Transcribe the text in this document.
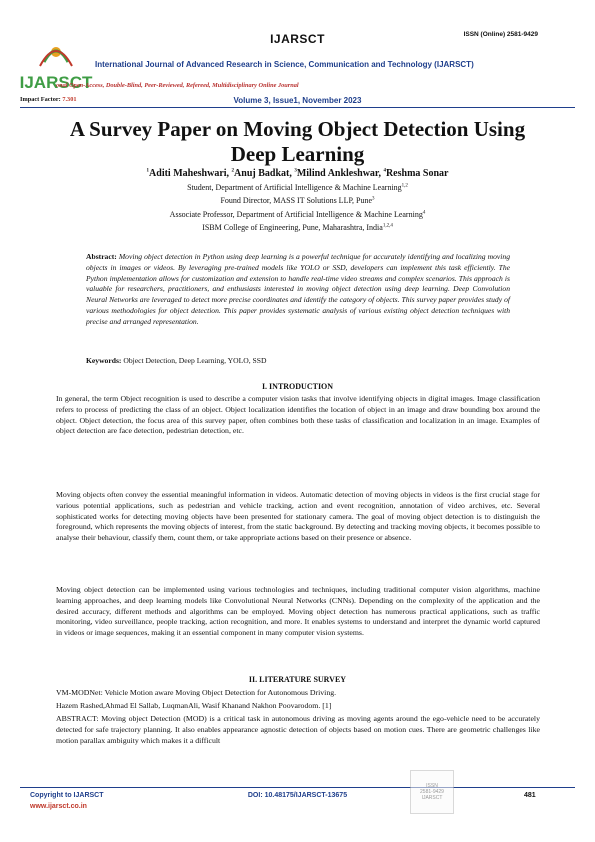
IJARSCT	ISSN (Online) 2581-9429
IJARSCT
International Journal of Advanced Research in Science, Communication and Technology (IJARSCT)
onal Open-Access, Double-Blind, Peer-Reviewed, Refereed, Multidisciplinary Online Journal
Impact Factor: 7.301	Volume 3, Issue1, November 2023
A Survey Paper on Moving Object Detection Using
Deep Learning
$^1$Aditi Maheshwari, $^2$Anuj Badkat, $^3$Milind Ankleshwar, $^4$Reshma Sonar
Student, Department of Artificial Intelligence & Machine Learning$^{1,2}$
Found Director, MASS IT Solutions LLP, Pune$^3$
Associate Professor, Department of Artificial Intelligence & Machine Learning$^4$
ISBM College of Engineering, Pune, Maharashtra, India$^{1,2,4}$
Abstract: Moving object detection in Python using deep learning is a powerful technique for accurately identifying and localizing moving objects in images or videos. By leveraging pre-trained models like YOLO or SSD, developers can implement this task efficiently. The Python implementation allows for customization and extension to handle real-time video streams and complex scenarios. This approach is valuable for researchers, practitioners, and enthusiasts interested in moving object detection using deep learning. Deep Convolution Neural Networks are leveraged to detect more precise coordinates and identify the category of objects. This survey paper provides study of various methodologies for object detection. This paper provides systematic analysis of various existing object detection techniques with precise and arranged representation.
Keywords: Object Detection, Deep Learning, YOLO, SSD
I. INTRODUCTION
In general, the term Object recognition is used to describe a computer vision tasks that involve identifying objects in digital images. Image classification refers to process of predicting the class of an object. Object localization identifies the location of object in an image and draw bounding box around the object. Object detection, the focus area of this survey paper, often combines both these tasks of classification and localization in an image. Examples of object detection are face detection, pedestrian detection, etc.
Moving objects often convey the essential meaningful information in videos. Automatic detection of moving objects in videos is the first crucial stage for various potential applications, such as pedestrian and vehicle tracking, action and event recognition, annotation of video archives, etc. Several sophisticated works for detecting moving objects have been presented for stationary camera. The goal of moving object detection is to distinguish the foreground, which represents the moving objects of interest, from the static background. By detecting and tracking moving objects, it becomes possible to analyse their behaviour, classify them, count them, or take appropriate actions based on their presence or absence.
Moving object detection can be implemented using various technologies and techniques, including traditional computer vision algorithms, machine learning approaches, and deep learning models like Convolutional Neural Networks (CNNs). Depending on the complexity of the application and the desired accuracy, different methods and algorithms can be employed. Moving object detection has numerous practical applications, such as traffic monitoring, video surveillance, people tracking, action recognition, and more. It enables systems to understand and interpret the dynamic world captured in videos or image sequences, making it an essential component in many computer vision systems.
II. LITERATURE SURVEY
VM-MODNet: Vehicle Motion aware Moving Object Detection for Autonomous Driving.
Hazem Rashed,Ahmad El Sallab, LuqmanAli, Wasif Khanand Nakhon Poovarodom. [1]
ABSTRACT: Moving object Detection (MOD) is a critical task in autonomous driving as moving agents around the ego-vehicle need to be accurately detected for safe trajectory planning. It also enables appearance agnostic detection of objects based on motion cues. There are geometric challenges like motion parallax ambiguity which makes it a difficult
ISSN
2581-9429
IJARSCT
Copyright to IJARSCT
www.ijarsct.co.in
DOI: 10.48175/IJARSCT-13675	481
